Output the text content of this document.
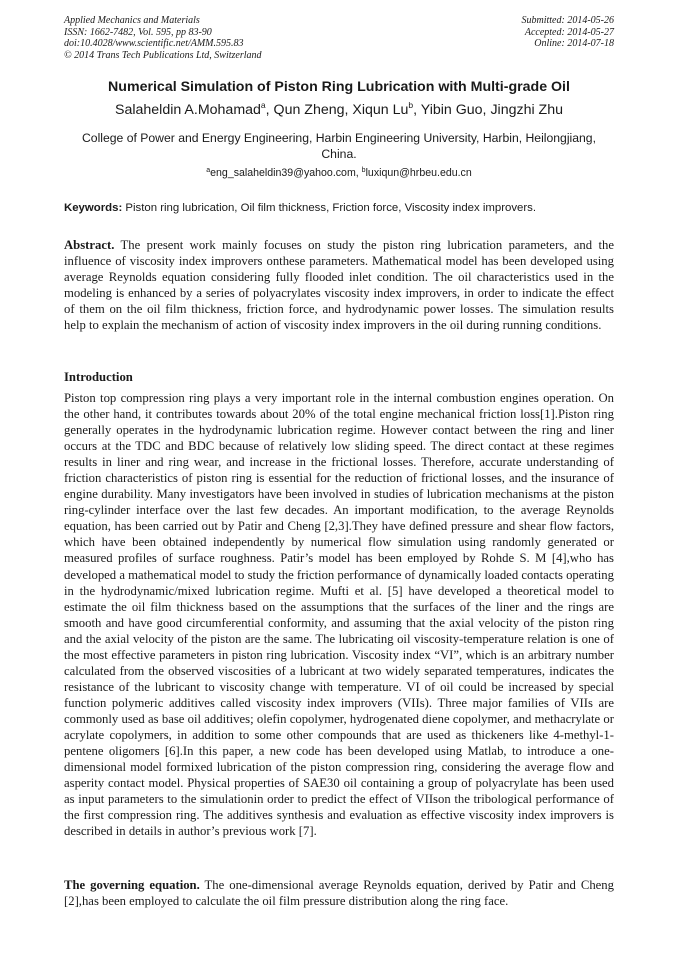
Applied Mechanics and Materials
ISSN: 1662-7482, Vol. 595, pp 83-90
doi:10.4028/www.scientific.net/AMM.595.83
© 2014 Trans Tech Publications Ltd, Switzerland
Submitted: 2014-05-26
Accepted: 2014-05-27
Online: 2014-07-18
Numerical Simulation of Piston Ring Lubrication with Multi-grade Oil
Salaheldin A.Mohamad$^a$, Qun Zheng, Xiqun Lu$^b$, Yibin Guo, Jingzhi Zhu
College of Power and Energy Engineering, Harbin Engineering University, Harbin, Heilongjiang, China.
$^a$eng_salaheldin39@yahoo.com, $^b$luxiqun@hrbeu.edu.cn
Keywords: Piston ring lubrication, Oil film thickness, Friction force, Viscosity index improvers.
Abstract. The present work mainly focuses on study the piston ring lubrication parameters, and the influence of viscosity index improvers onthese parameters. Mathematical model has been developed using average Reynolds equation considering fully flooded inlet condition. The oil characteristics used in the modeling is enhanced by a series of polyacrylates viscosity index improvers, in order to indicate the effect of them on the oil film thickness, friction force, and hydrodynamic power losses. The simulation results help to explain the mechanism of action of viscosity index improvers in the oil during running conditions.
Introduction
Piston top compression ring plays a very important role in the internal combustion engines operation. On the other hand, it contributes towards about 20% of the total engine mechanical friction loss[1].Piston ring generally operates in the hydrodynamic lubrication regime. However contact between the ring and liner occurs at the TDC and BDC because of relatively low sliding speed. The direct contact at these regimes results in liner and ring wear, and increase in the frictional losses. Therefore, accurate understanding of friction characteristics of piston ring is essential for the reduction of frictional losses, and the insurance of engine durability. Many investigators have been involved in studies of lubrication mechanisms at the piston ring-cylinder interface over the last few decades. An important modification, to the average Reynolds equation, has been carried out by Patir and Cheng [2,3].They have defined pressure and shear flow factors, which have been obtained independently by numerical flow simulation using randomly generated or measured profiles of surface roughness. Patir’s model has been employed by Rohde S. M [4],who has developed a mathematical model to study the friction performance of dynamically loaded contacts operating in the hydrodynamic/mixed lubrication regime. Mufti et al. [5] have developed a theoretical model to estimate the oil film thickness based on the assumptions that the surfaces of the liner and the rings are smooth and have good circumferential conformity, and assuming that the axial velocity of the piston ring and the axial velocity of the piston are the same. The lubricating oil viscosity-temperature relation is one of the most effective parameters in piston ring lubrication. Viscosity index “VI”, which is an arbitrary number calculated from the observed viscosities of a lubricant at two widely separated temperatures, indicates the resistance of the lubricant to viscosity change with temperature. VI of oil could be increased by special function polymeric additives called viscosity index improvers (VIIs). Three major families of VIIs are commonly used as base oil additives; olefin copolymer, hydrogenated diene copolymer, and methacrylate or acrylate copolymers, in addition to some other compounds that are used as thickeners like 4-methyl-1-pentene oligomers [6].In this paper, a new code has been developed using Matlab, to introduce a one-dimensional model formixed lubrication of the piston compression ring, considering the average flow and asperity contact model. Physical properties of SAE30 oil containing a group of polyacrylate has been used as input parameters to the simulationin order to predict the effect of VIIson the tribological performance of the first compression ring. The additives synthesis and evaluation as effective viscosity index improvers is described in details in author’s previous work [7].
The governing equation. The one-dimensional average Reynolds equation, derived by Patir and Cheng [2],has been employed to calculate the oil film pressure distribution along the ring face.
